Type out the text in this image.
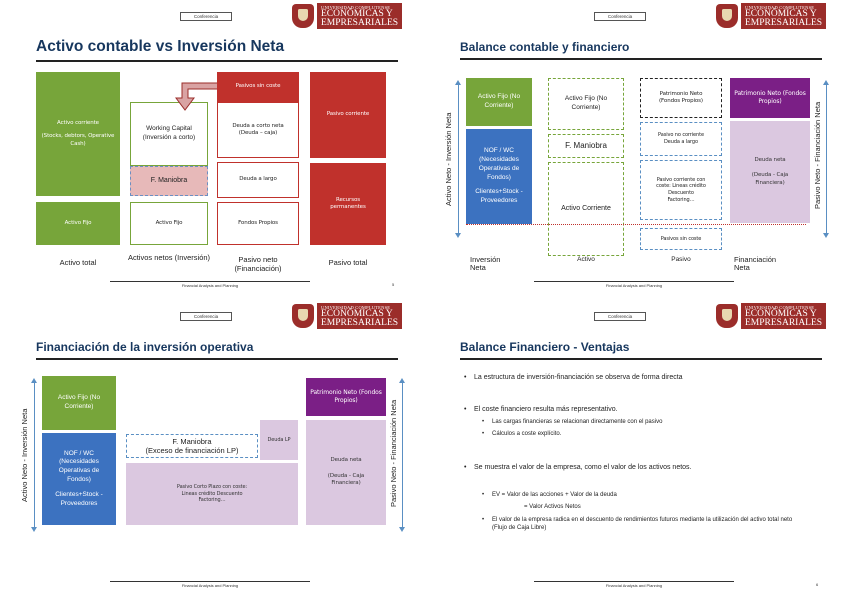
Conferencia
UNIVERSIDAD COMPLUTENSE
ECONÓMICAS Y
EMPRESARIALES
Activo contable vs Inversión Neta
Activo corriente
(Stocks, debtors, Operative Cash)
Activo Fijo
Working Capital (Inversión a corto)
F. Maniobra
Activo Fijo
Pasivos sin coste
Deuda a corto neta (Deuda – caja)
Deuda a largo
Fondos Propios
Pasivo corriente
Recursos permanentes
Activo total
Activos netos (Inversión)	Pasivo neto (Financiación)
Pasivo total
Financial Analysis and Planning	5
Conferencia
UNIVERSIDAD COMPLUTENSE
ECONÓMICAS Y
EMPRESARIALES
Balance contable y financiero
Activo Neto - Inversión Neta
Activo Fijo (No Corriente)
NOF / WC (Necesidades Operativas de Fondos)
Clientes+Stock -Proveedores
Activo Fijo (No Corriente)
F. Maniobra
Activo Corriente
Patrimonio Neto (Fondos Propios)
Pasivo no corriente Deuda a largo
Pasivo corriente con coste: Lineas crédito Descuento Factoring…
Pasivos sin coste
Patrimonio Neto (Fondos Propios)
Deuda neta
(Deuda - Caja Financiera)	Pasivo Neto - Financiación Neta
Inversión Neta
Activo	Pasivo	Financiación Neta
Financial Analysis and Planning
Conferencia
UNIVERSIDAD COMPLUTENSE
ECONÓMICAS Y
EMPRESARIALES
Financiación de la inversión operativa
Activo Neto - Inversión Neta
Activo Fijo (No Corriente)
NOF / WC (Necesidades Operativas de Fondos)
Clientes+Stock -Proveedores
F. Maniobra
(Exceso de financiación LP)
Deuda LP
Pasivo Corto Plazo con coste: Lineas crédito Descuento Factoring…
Patrimonio Neto (Fondos Propios)
Deuda neta
(Deuda - Caja Financiera)	Pasivo Neto - Financiación Neta
Financial Analysis and Planning
Conferencia
UNIVERSIDAD COMPLUTENSE
ECONÓMICAS Y
EMPRESARIALES
Balance Financiero - Ventajas
• La estructura de inversión-financiación se observa de forma directa
• El coste financiero resulta más representativo.
• Las cargas financieras se relacionan directamente con el pasivo
• Cálculos a coste explícito.
• Se muestra el valor de la empresa, como el valor de los activos netos.
• EV = Valor de las acciones + Valor de la deuda
= Valor Activos Netos
• El valor de la empresa radica en el descuento de rendimientos futuros mediante la utilización del activo total neto (Flujo de Caja Libre)
Financial Analysis and Planning	6
